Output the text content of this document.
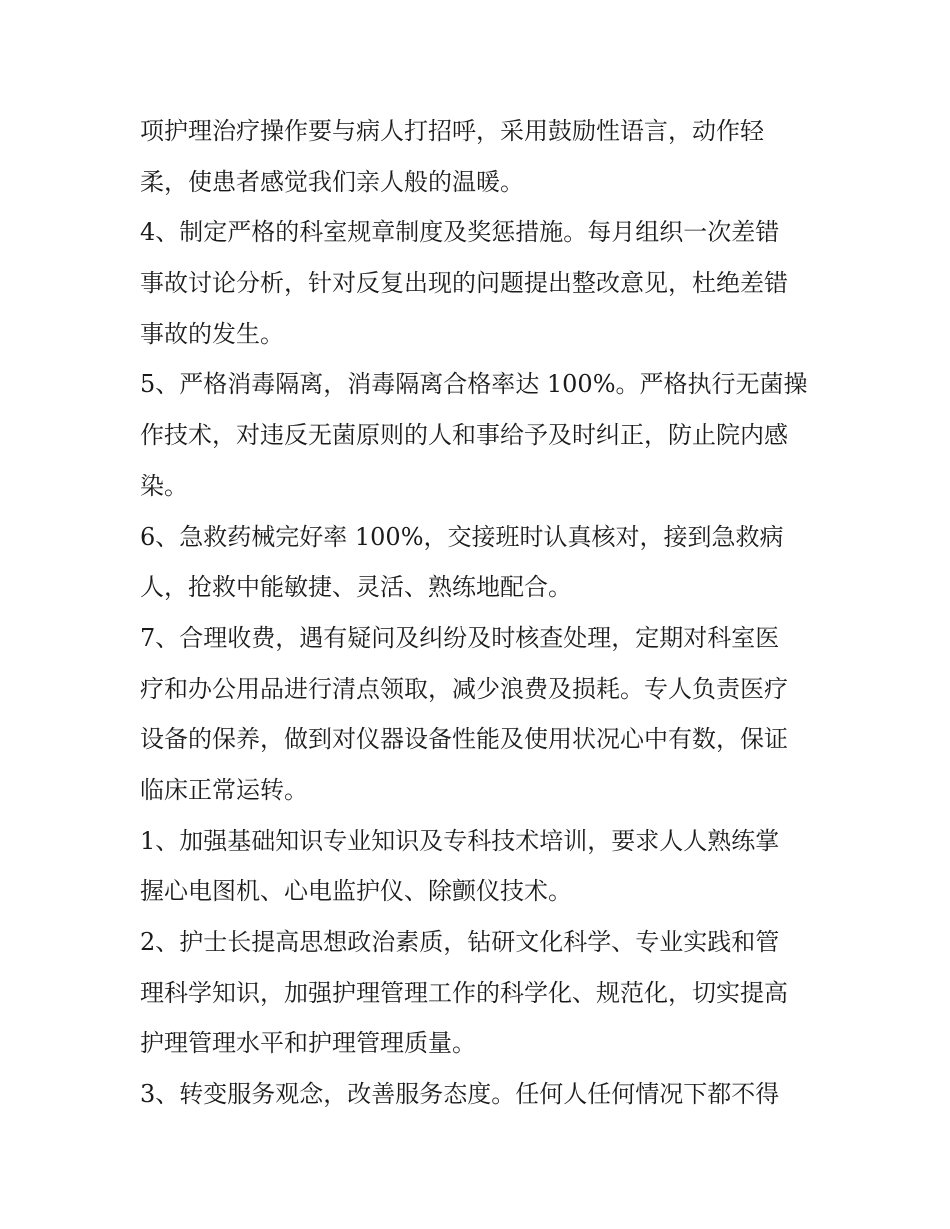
项护理治疗操作要与病人打招呼，采用鼓励性语言，动作轻
柔，使患者感觉我们亲人般的温暖。
4、制定严格的科室规章制度及奖惩措施。每月组织一次差错
事故讨论分析，针对反复出现的问题提出整改意见，杜绝差错
事故的发生。
5、严格消毒隔离，消毒隔离合格率达 100%。严格执行无菌操
作技术，对违反无菌原则的人和事给予及时纠正，防止院内感
染。
6、急救药械完好率 100%，交接班时认真核对，接到急救病
人，抢救中能敏捷、灵活、熟练地配合。
7、合理收费，遇有疑问及纠纷及时核查处理，定期对科室医
疗和办公用品进行清点领取，减少浪费及损耗。专人负责医疗
设备的保养，做到对仪器设备性能及使用状况心中有数，保证
临床正常运转。
1、加强基础知识专业知识及专科技术培训，要求人人熟练掌
握心电图机、心电监护仪、除颤仪技术。
2、护士长提高思想政治素质，钻研文化科学、专业实践和管
理科学知识，加强护理管理工作的科学化、规范化，切实提高
护理管理水平和护理管理质量。
3、转变服务观念，改善服务态度。任何人任何情况下都不得
